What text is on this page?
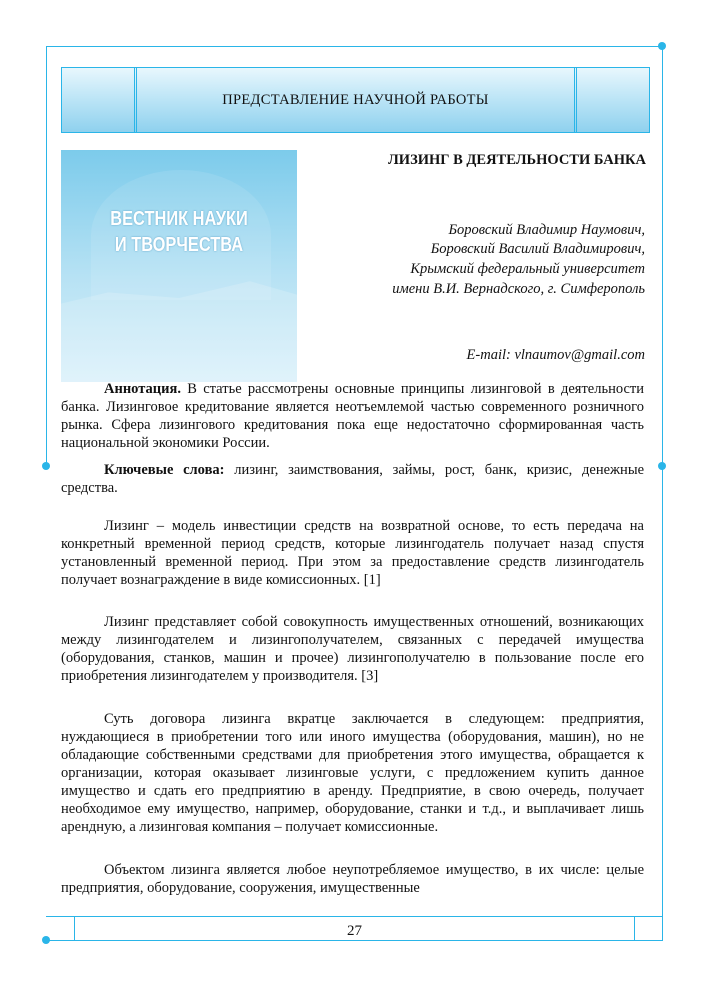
ПРЕДСТАВЛЕНИЕ НАУЧНОЙ РАБОТЫ
ВЕСТНИК НАУКИ
И ТВОРЧЕСТВА
ЛИЗИНГ В ДЕЯТЕЛЬНОСТИ БАНКА
Боровский Владимир Наумович,
Боровский Василий Владимирович,
Крымский федеральный университет
имени В.И. Вернадского, г. Симферополь
E-mail: vlnaumov@gmail.com
Аннотация. В статье рассмотрены основные принципы лизинговой в деятельности банка. Лизинговое кредитование является неотъемлемой частью современного розничного рынка. Сфера лизингового кредитования пока еще недостаточно сформированная часть национальной экономики России.
Ключевые слова: лизинг, заимствования, займы, рост, банк, кризис, денежные средства.
Лизинг – модель инвестиции средств на возвратной основе, то есть передача на конкретный временной период средств, которые лизингодатель получает назад спустя установленный временной период. При этом за предоставление средств лизингодатель получает вознаграждение в виде комиссионных. [1]
Лизинг представляет собой совокупность имущественных отношений, возникающих между лизингодателем и лизингополучателем, связанных с передачей имущества (оборудования, станков, машин и прочее) лизингополучателю в пользование после его приобретения лизингодателем у производителя. [3]
Суть договора лизинга вкратце заключается в следующем: предприятия, нуждающиеся в приобретении того или иного имущества (оборудования, машин), но не обладающие собственными средствами для приобретения этого имущества, обращается к организации, которая оказывает лизинговые услуги, с предложением купить данное имущество и сдать его предприятию в аренду. Предприятие, в свою очередь, получает необходимое ему имущество, например, оборудование, станки и т.д., и выплачивает лишь арендную, а лизинговая компания – получает комиссионные.
Объектом лизинга является любое неупотребляемое имущество, в их числе: целые предприятия, оборудование, сооружения, имущественные
27
